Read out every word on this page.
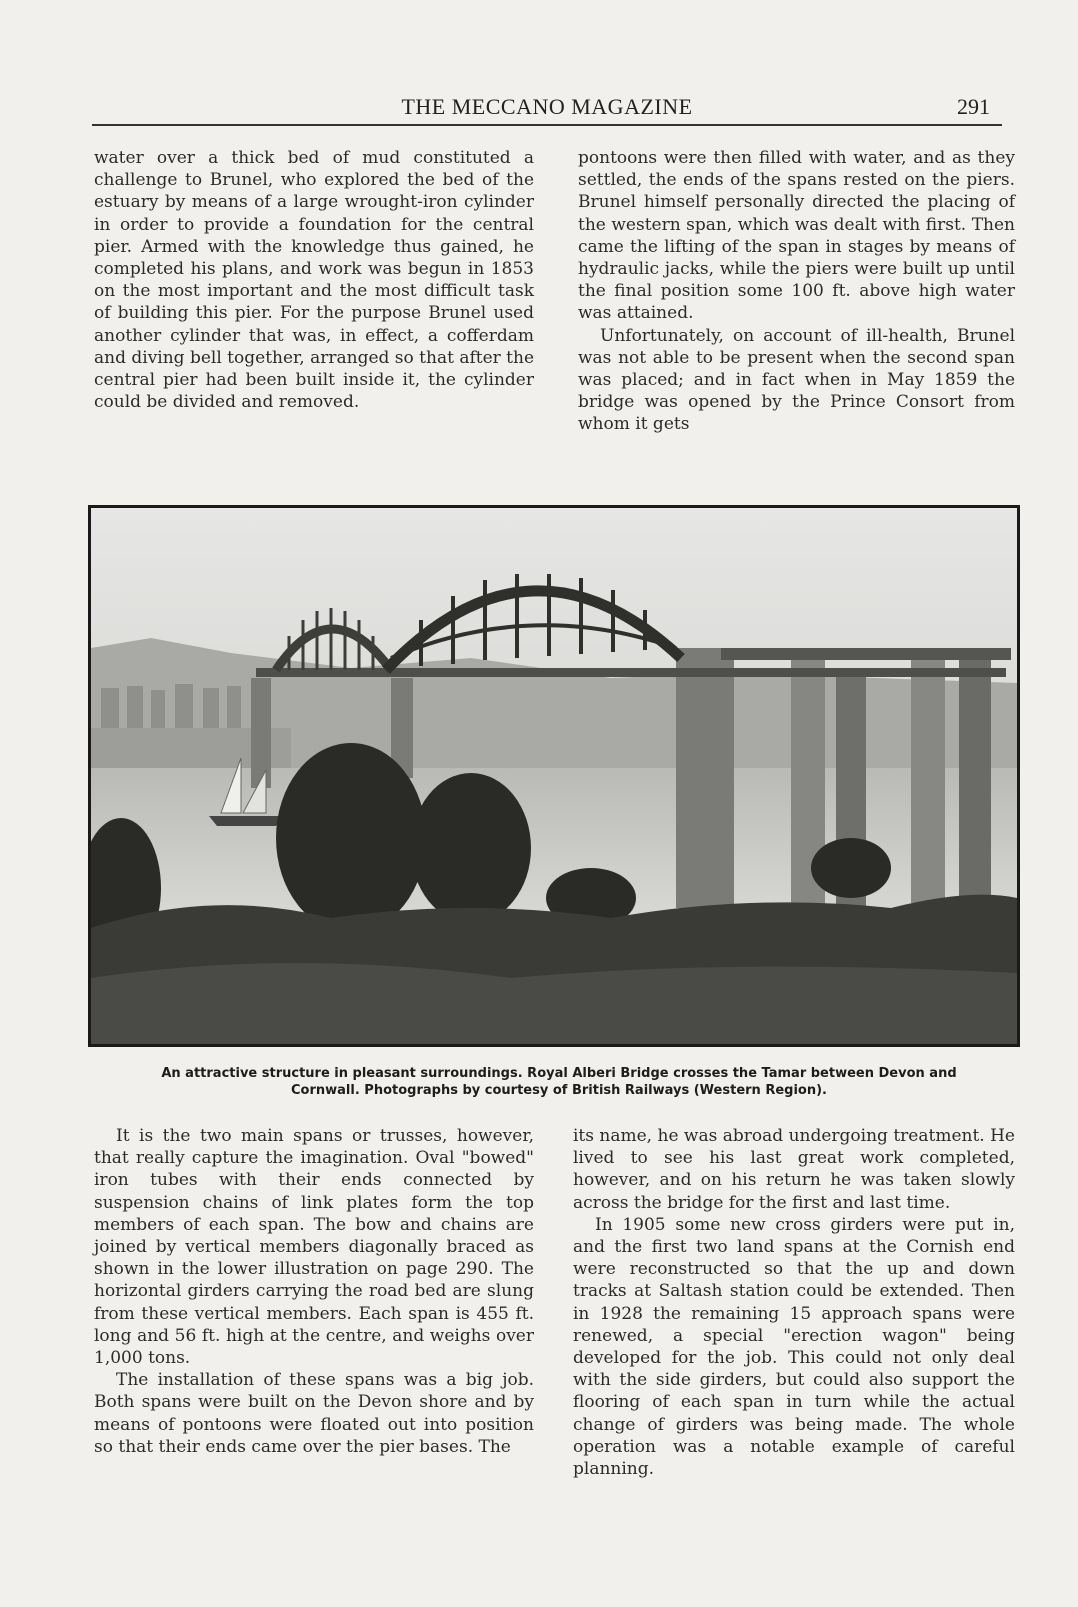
THE MECCANO MAGAZINE	291

water over a thick bed of mud constituted a challenge to Brunel, who explored the bed of the estuary by means of a large wrought-iron cylinder in order to provide a foundation for the central pier. Armed with the knowledge thus gained, he completed his plans, and work was begun in 1853 on the most important and the most difficult task of building this pier. For the purpose Brunel used another cylinder that was, in effect, a cofferdam and diving bell together, arranged so that after the central pier had been built inside it, the cylinder could be divided and removed.

pontoons were then filled with water, and as they settled, the ends of the spans rested on the piers. Brunel himself personally directed the placing of the western span, which was dealt with first. Then came the lifting of the span in stages by means of hydraulic jacks, while the piers were built up until the final position some 100 ft. above high water was attained.

Unfortunately, on account of ill-health, Brunel was not able to be present when the second span was placed; and in fact when in May 1859 the bridge was opened by the Prince Consort from whom it gets

An attractive structure in pleasant surroundings. Royal Alberi Bridge crosses the Tamar between Devon and
Cornwall. Photographs by courtesy of British Railways (Western Region).

It is the two main spans or trusses, however, that really capture the imagination. Oval "bowed" iron tubes with their ends connected by suspension chains of link plates form the top members of each span. The bow and chains are joined by vertical members diagonally braced as shown in the lower illustration on page 290. The horizontal girders carrying the road bed are slung from these vertical members. Each span is 455 ft. long and 56 ft. high at the centre, and weighs over 1,000 tons.

The installation of these spans was a big job. Both spans were built on the Devon shore and by means of pontoons were floated out into position so that their ends came over the pier bases. The

its name, he was abroad undergoing treatment. He lived to see his last great work completed, however, and on his return he was taken slowly across the bridge for the first and last time.

In 1905 some new cross girders were put in, and the first two land spans at the Cornish end were reconstructed so that the up and down tracks at Saltash station could be extended. Then in 1928 the remaining 15 approach spans were renewed, a special "erection wagon" being developed for the job. This could not only deal with the side girders, but could also support the flooring of each span in turn while the actual change of girders was being made. The whole operation was a notable example of careful planning.
